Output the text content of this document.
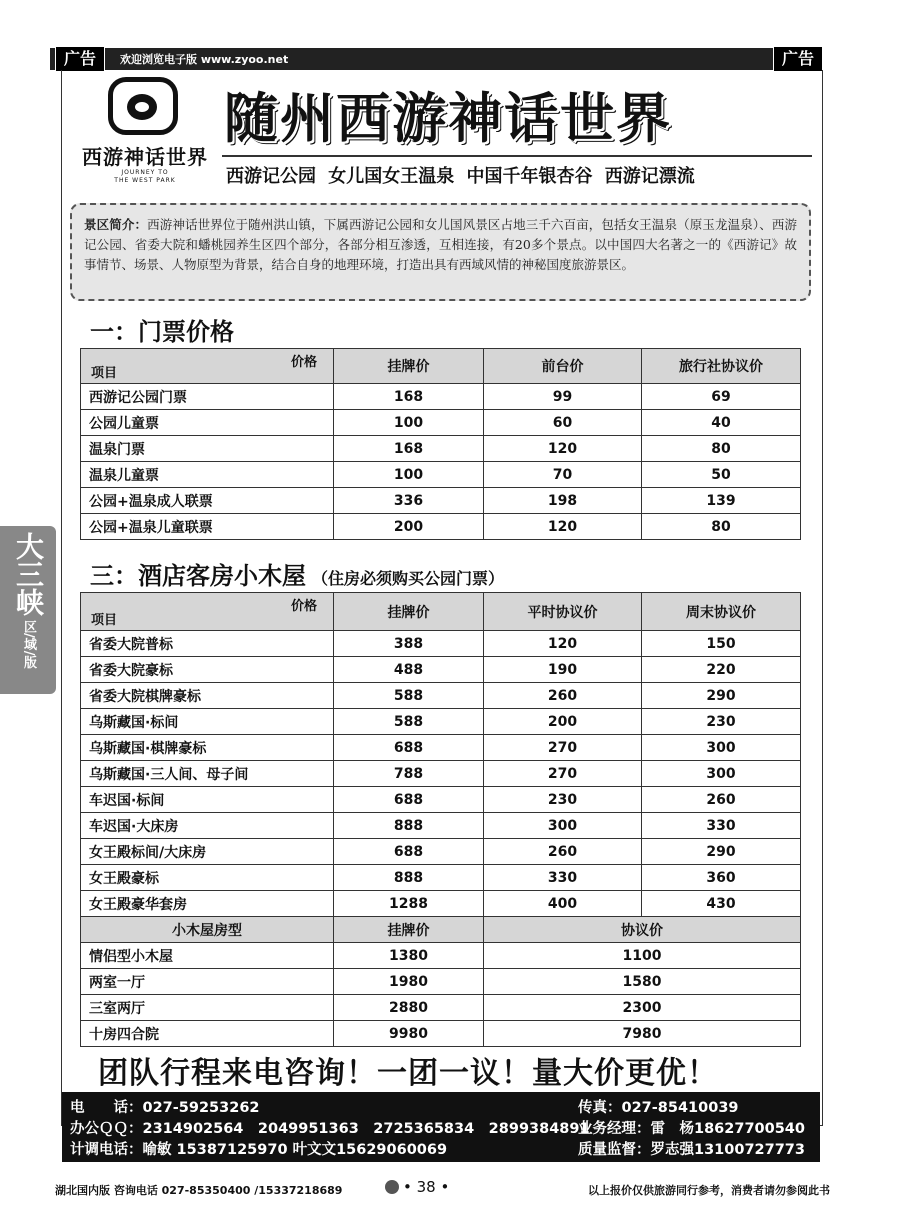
广告	欢迎浏览电子版 www.zyoo.net	广告
西游神话世界
JOURNEY TO
THE WEST PARK
随州西游神话世界
西游记公园 女儿国女王温泉 中国千年银杏谷 西游记漂流
景区简介：西游神话世界位于随州洪山镇，下属西游记公园和女儿国风景区占地三千六百亩，包括女王温泉（原玉龙温泉）、西游记公园、省委大院和蟠桃园养生区四个部分，各部分相互渗透，互相连接，有20多个景点。以中国四大名著之一的《西游记》故事情节、场景、人物原型为背景，结合自身的地理环境，打造出具有西域风情的神秘国度旅游景区。
一：门票价格
价格
项目	挂牌价	前台价	旅行社协议价
西游记公园门票	168	99	69
公园儿童票	100	60	40
温泉门票	168	120	80
温泉儿童票	100	70	50
公园+温泉成人联票	336	198	139
公园+温泉儿童联票	200	120	80
三：酒店客房小木屋 （住房必须购买公园门票）
价格
项目	挂牌价	平时协议价	周末协议价
省委大院普标	388	120	150
省委大院豪标	488	190	220
省委大院棋牌豪标	588	260	290
乌斯藏国·标间	588	200	230
乌斯藏国·棋牌豪标	688	270	300
乌斯藏国·三人间、母子间	788	270	300
车迟国·标间	688	230	260
车迟国·大床房	888	300	330
女王殿标间/大床房	688	260	290
女王殿豪标	888	330	360
女王殿豪华套房	1288	400	430
小木屋房型	挂牌价	协议价	
情侣型小木屋	1380	1100	
两室一厅	1980	1580	
三室两厅	2880	2300	
十房四合院	9980	7980	
大三峡
区/域/版
团队行程来电咨询！一团一议！量大价更优！
电　　话：027-59253262	传真：027-85410039
办公ＱＱ：2314902564　2049951363　2725365834　2899384891
业务经理：雷　杨18627700540
计调电话：喻敏 15387125970 叶文文15629060069	质量监督：罗志强13100727773
湖北国内版 咨询电话 027-85350400 /15337218689	• 38 •	以上报价仅供旅游同行参考，消费者请勿参阅此书
